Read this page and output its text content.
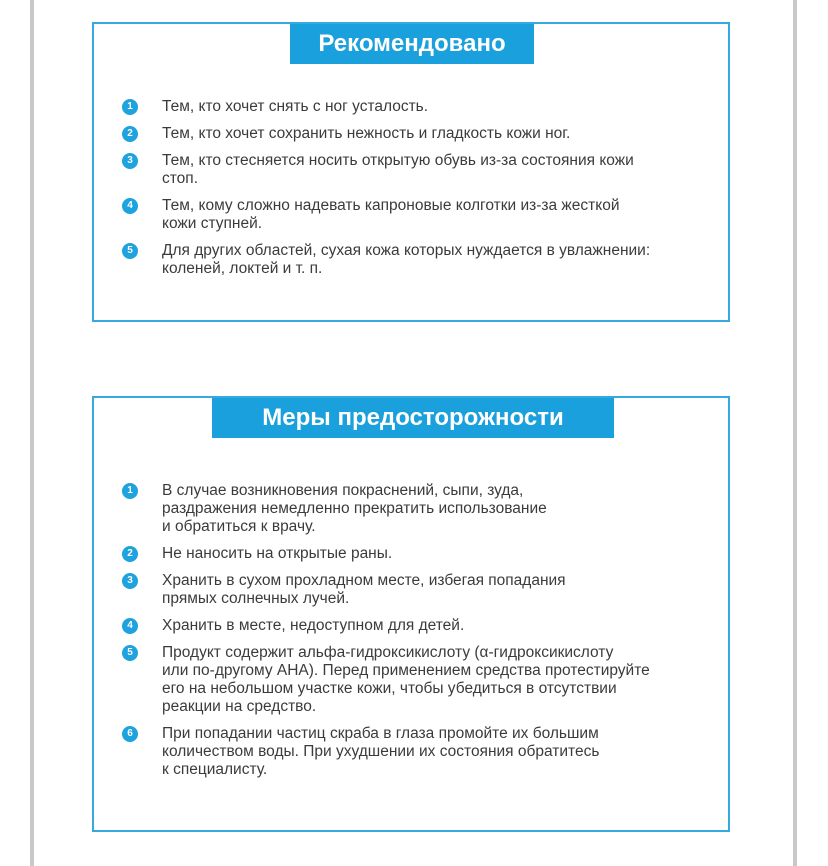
Рекомендовано
1	Тем, кто хочет снять с ног усталость.
2	Тем, кто хочет сохранить нежность и гладкость кожи ног.
3	Тем, кто стесняется носить открытую обувь из-за состояния кожи
стоп.
4	Тем, кому сложно надевать капроновые колготки из-за жесткой
кожи ступней.
5	Для других областей, сухая кожа которых нуждается в увлажнении:
коленей, локтей и т. п.
Меры предосторожности
1	В случае возникновения покраснений, сыпи, зуда,
раздражения немедленно прекратить использование
и обратиться к врачу.
2	Не наносить на открытые раны.
3	Хранить в сухом прохладном месте, избегая попадания
прямых солнечных лучей.
4	Хранить в месте, недоступном для детей.
5	Продукт содержит альфа-гидроксикислоту (α-гидроксикислоту
или по-другому AHA). Перед применением средства протестируйте
его на небольшом участке кожи, чтобы убедиться в отсутствии
реакции на средство.
6	При попадании частиц скраба в глаза промойте их большим
количеством воды. При ухудшении их состояния обратитесь
к специалисту.
